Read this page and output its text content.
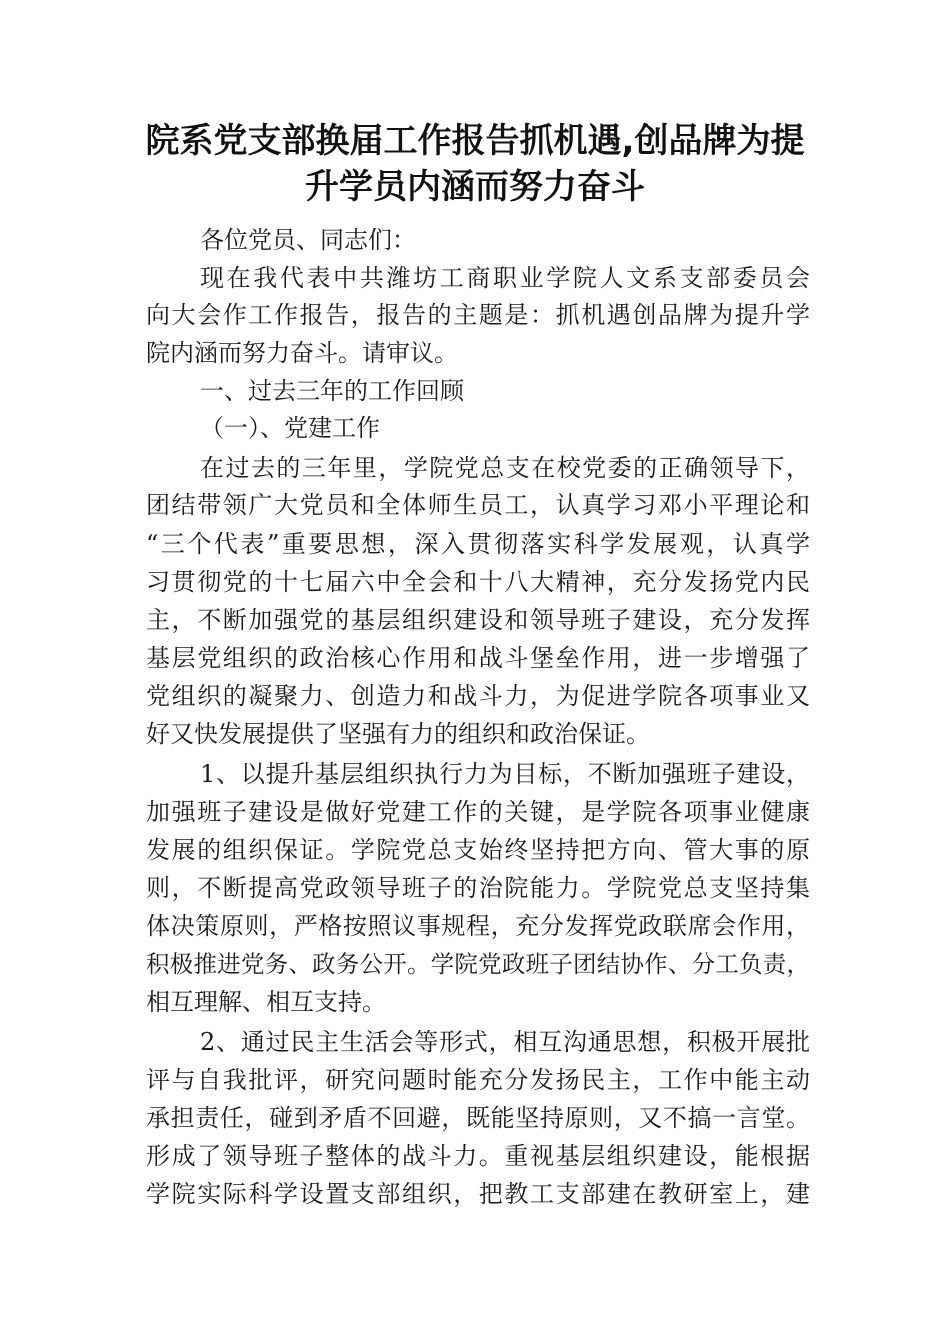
院系党支部换届工作报告抓机遇,创品牌为提
升学员内涵而努力奋斗

各位党员、同志们：

现在我代表中共潍坊工商职业学院人文系支部委员会

向大会作工作报告，报告的主题是：抓机遇创品牌为提升学

院内涵而努力奋斗。请审议。

一、过去三年的工作回顾

（一）、党建工作

在过去的三年里，学院党总支在校党委的正确领导下，

团结带领广大党员和全体师生员工，认真学习邓小平理论和

“三个代表”重要思想，深入贯彻落实科学发展观，认真学

习贯彻党的十七届六中全会和十八大精神，充分发扬党内民

主，不断加强党的基层组织建设和领导班子建设，充分发挥

基层党组织的政治核心作用和战斗堡垒作用，进一步增强了

党组织的凝聚力、创造力和战斗力，为促进学院各项事业又

好又快发展提供了坚强有力的组织和政治保证。

1、以提升基层组织执行力为目标，不断加强班子建设，

加强班子建设是做好党建工作的关键，是学院各项事业健康

发展的组织保证。学院党总支始终坚持把方向、管大事的原

则，不断提高党政领导班子的治院能力。学院党总支坚持集

体决策原则，严格按照议事规程，充分发挥党政联席会作用，

积极推进党务、政务公开。学院党政班子团结协作、分工负责，

相互理解、相互支持。

2、通过民主生活会等形式，相互沟通思想，积极开展批

评与自我批评，研究问题时能充分发扬民主，工作中能主动

承担责任，碰到矛盾不回避，既能坚持原则，又不搞一言堂。

形成了领导班子整体的战斗力。重视基层组织建设，能根据

学院实际科学设置支部组织，把教工支部建在教研室上，建
